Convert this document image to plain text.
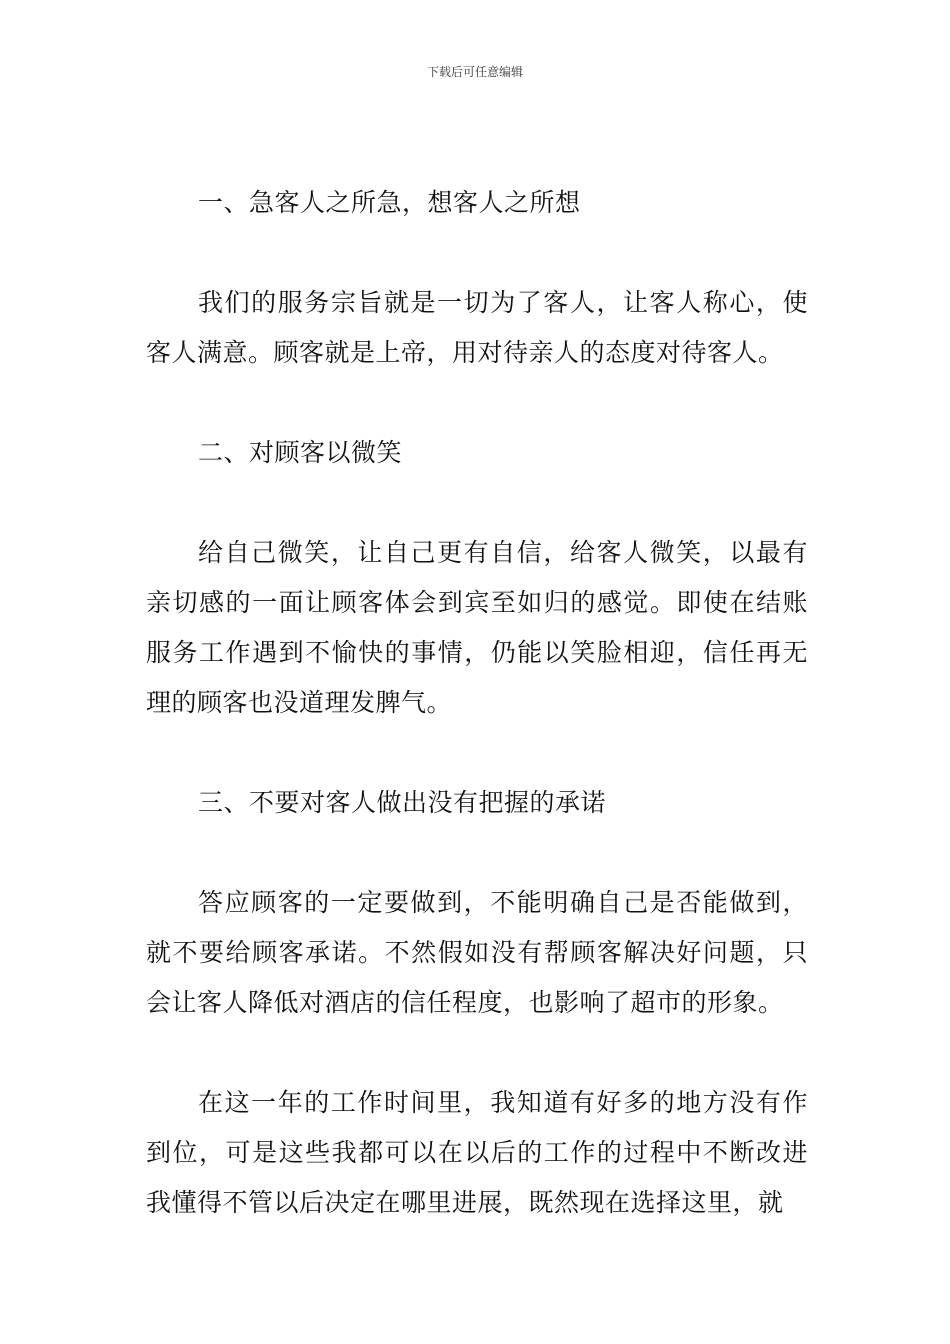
下载后可任意编辑

一、急客人之所急，想客人之所想

我们的服务宗旨就是一切为了客人，让客人称心，使客人满意。顾客就是上帝，用对待亲人的态度对待客人。

二、对顾客以微笑

给自己微笑，让自己更有自信，给客人微笑，以最有亲切感的一面让顾客体会到宾至如归的感觉。即使在结账服务工作遇到不愉快的事情，仍能以笑脸相迎，信任再无理的顾客也没道理发脾气。

三、不要对客人做出没有把握的承诺

答应顾客的一定要做到，不能明确自己是否能做到，就不要给顾客承诺。不然假如没有帮顾客解决好问题，只会让客人降低对酒店的信任程度，也影响了超市的形象。

在这一年的工作时间里，我知道有好多的地方没有作到位，可是这些我都可以在以后的工作的过程中不断改进我懂得不管以后决定在哪里进展，既然现在选择这里，就
